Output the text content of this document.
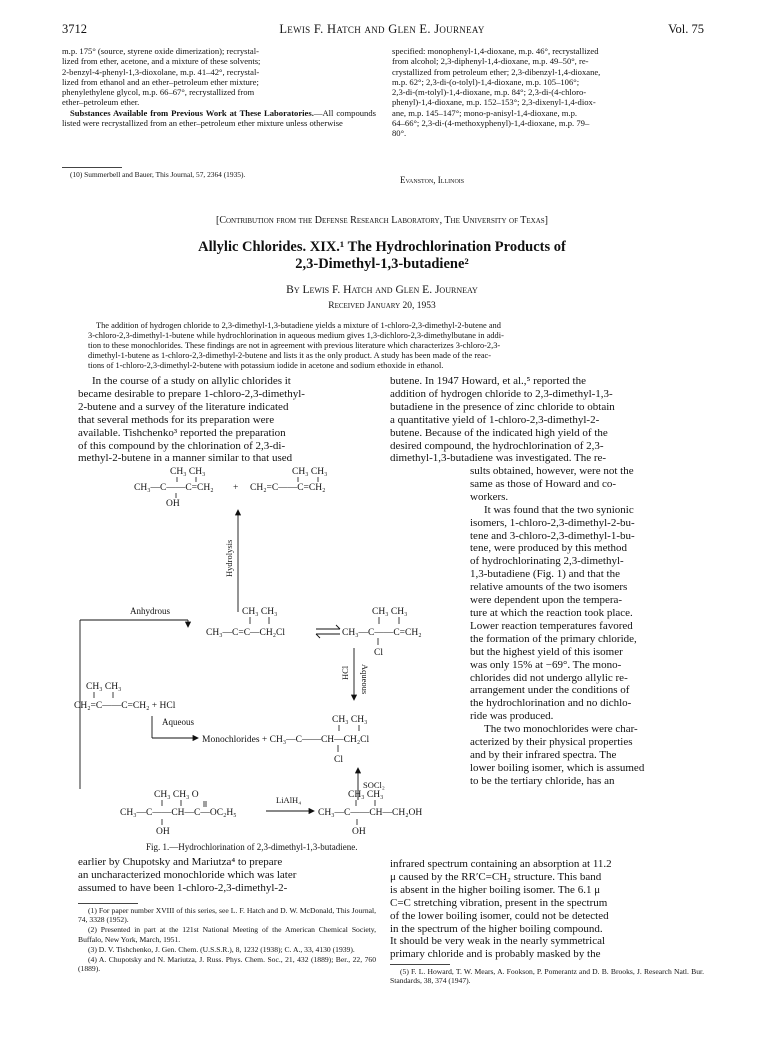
3712	Lewis F. Hatch and Glen E. Journeay	Vol. 75

m.p. 175° (source, styrene oxide dimerization); recrystal-

lized from ether, acetone, and a mixture of these solvents;

2-benzyl-4-phenyl-1,3-dioxolane, m.p. 41–42°, recrystal-

lized from ethanol and an ether–petroleum ether mixture;

phenylethylene glycol, m.p. 66–67°, recrystallized from

ether–petroleum ether.

Substances Available from Previous Work at These Laboratories.—All compounds listed were recrystallized from an ether–petroleum ether mixture unless otherwise

(10) Summerbell and Bauer, This Journal, 57, 2364 (1935).

specified: monophenyl-1,4-dioxane, m.p. 46°, recrystallized

from alcohol; 2,3-diphenyl-1,4-dioxane, m.p. 49–50°, re-

crystallized from petroleum ether; 2,3-dibenzyl-1,4-dioxane,

m.p. 62°; 2,3-di-(o-tolyl)-1,4-dioxane, m.p. 105–106°;

2,3-di-(m-tolyl)-1,4-dioxane, m.p. 84°; 2,3-di-(4-chloro-

phenyl)-1,4-dioxane, m.p. 152–153°; 2,3-dixenyl-1,4-diox-

ane, m.p. 145–147°; mono-p-anisyl-1,4-dioxane, m.p.

64–66°; 2,3-di-(4-methoxyphenyl)-1,4-dioxane, m.p. 79–

80°.

Evanston, Illinois
[Contribution from the Defense Research Laboratory, The University of Texas]
Allylic Chlorides. XIX.¹ The Hydrochlorination Products of
2,3-Dimethyl-1,3-butadiene²
By Lewis F. Hatch and Glen E. Journeay
Received January 20, 1953

The addition of hydrogen chloride to 2,3-dimethyl-1,3-butadiene yields a mixture of 1-chloro-2,3-dimethyl-2-butene and

3-chloro-2,3-dimethyl-1-butene while hydrochlorination in aqueous medium gives 1,3-dichloro-2,3-dimethylbutane in addi-

tion to these monochlorides. These findings are not in agreement with previous literature which characterizes 3-chloro-2,3-

dimethyl-1-butene as 1-chloro-2,3-dimethyl-2-butene and lists it as the only product. A study has been made of the reac-

tions of 1-chloro-2,3-dimethyl-2-butene with potassium iodide in acetone and sodium ethoxide in ethanol.

In the course of a study on allylic chlorides it

became desirable to prepare 1-chloro-2,3-dimethyl-

2-butene and a survey of the literature indicated

that several methods for its preparation were

available. Tishchenko³ reported the preparation

of this compound by the chlorination of 2,3-di-

methyl-2-butene in a manner similar to that used

butene. In 1947 Howard, et al.,⁵ reported the

addition of hydrogen chloride to 2,3-dimethyl-1,3-

butadiene in the presence of zinc chloride to obtain

a quantitative yield of 1-chloro-2,3-dimethyl-2-

butene. Because of the indicated high yield of the

desired compound, the hydrochlorination of 2,3-

dimethyl-1,3-butadiene was investigated. The re-

sults obtained, however, were not the

same as those of Howard and co-

workers.

It was found that the two synionic

isomers, 1-chloro-2,3-dimethyl-2-bu-

tene and 3-chloro-2,3-dimethyl-1-bu-

tene, were produced by this method

of hydrochlorinating 2,3-dimethyl-

1,3-butadiene (Fig. 1) and that the

relative amounts of the two isomers

were dependent upon the tempera-

ture at which the reaction took place.

Lower reaction temperatures favored

the formation of the primary chloride,

but the highest yield of this isomer

was only 15% at −69°. The mono-

chlorides did not undergo allylic re-

arrangement under the conditions of

the hydrochlorination and no dichlo-

ride was produced.

The two monochlorides were char-

acterized by their physical properties

and by their infrared spectra. The

lower boiling isomer, which is assumed

to be the tertiary chloride, has an

CH₃ CH₃
CH₃—C——C=CH₂ +
OH
CH₃ CH₃
CH₂=C——C=CH₂
Hydrolysis
Anhydrous	CH₃ CH₃
CH₃—C=C—CH₂Cl
CH₃ CH₃
CH₃—C——C=CH₂
Cl
HCl Aqueous
CH₃ CH₃
CH₂=C——C=CH₂ + HCl
Aqueous	CH₃ CH₃
Monochlorides + CH₃—C——CH—CH₂Cl
Cl
SOCl₂
CH₃ CH₃ O
CH₃—C——CH—C—OC₂H₅
OH
LiAlH₄	CH₃ CH₃
CH₃—C——CH—CH₂OH
OH
Fig. 1.—Hydrochlorination of 2,3-dimethyl-1,3-butadiene.

earlier by Chupotsky and Mariutza⁴ to prepare

an uncharacterized monochloride which was later

assumed to have been 1-chloro-2,3-dimethyl-2-

infrared spectrum containing an absorption at 11.2

μ caused by the RR′C=CH₂ structure. This band

is absent in the higher boiling isomer. The 6.1 μ

C=C stretching vibration, present in the spectrum

of the lower boiling isomer, could not be detected

in the spectrum of the higher boiling compound.

It should be very weak in the nearly symmetrical

primary chloride and is probably masked by the

(1) For paper number XVIII of this series, see L. F. Hatch and D. W. McDonald, This Journal, 74, 3328 (1952).

(2) Presented in part at the 121st National Meeting of the American Chemical Society, Buffalo, New York, March, 1951.

(3) D. V. Tishchenko, J. Gen. Chem. (U.S.S.R.), 8, 1232 (1938); C. A., 33, 4130 (1939).

(4) A. Chupotsky and N. Mariutza, J. Russ. Phys. Chem. Soc., 21, 432 (1889); Ber., 22, 760 (1889).	(5) F. L. Howard, T. W. Mears, A. Fookson, P. Pomerantz and D. B. Brooks, J. Research Natl. Bur. Standards, 38, 374 (1947).
